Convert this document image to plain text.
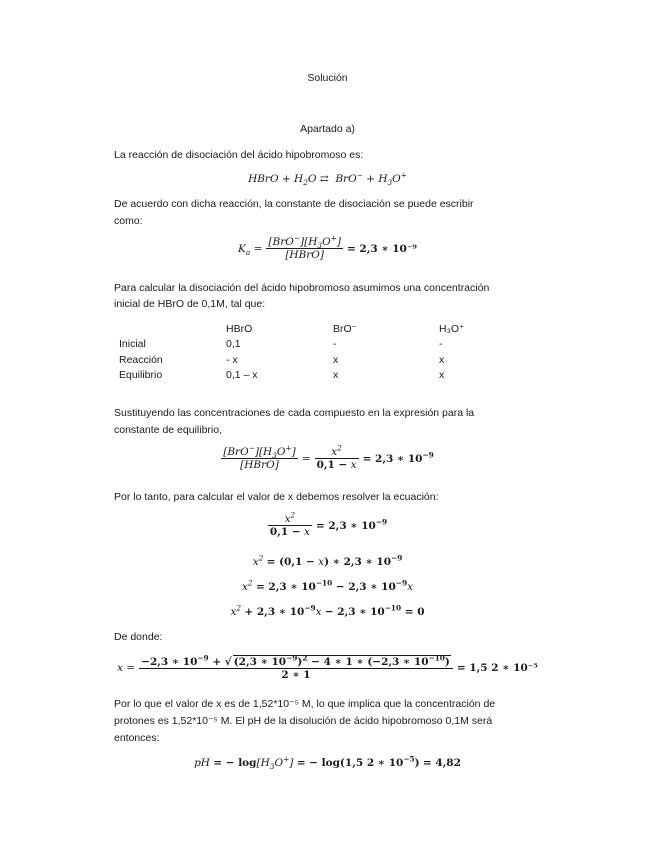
Solución
Apartado a)
La reacción de disociación del ácido hipobromoso es:
HBrO + $H_2O$ ⇄  $BrO^- + H_3O^+$
De acuerdo con dicha reacción, la constante de disociación se puede escribir
como:
$K_a = \frac{[BrO^-][H_3O^+]}{\text{[HBrO]}} = 2,3$ ∗ 10⁻⁹
Para calcular la disociación del ácido hipobromoso asumimos una concentración
inicial de HBrO de 0,1M, tal que:
	HBrO	BrO⁻	H₃O⁺
Inicial	0,1	-	-
Reacción	- x	x	x
Equilibrio	0,1 – x	x	x
Sustituyendo las concentraciones de cada compuesto en la expresión para la
constante de equilibrio,
$\frac{[BrO^-][H_3O^+]}{\text{[HBrO]}} = \frac{x^2}{0,1 - x} = 2,3$ ∗ $10^{-9}$
Por lo tanto, para calcular el valor de x debemos resolver la ecuación:
$\frac{x^2}{0,1 - x} = 2,3$ ∗ $10^{-9}$
$x^2 = (0,1 - x)$ ∗ 2,3 ∗ $10^{-9}$
$x^2 = 2,3$ ∗ $10^{-10} - 2,3$ ∗ $10^{-9}x$
$x^2 + 2,3$ ∗ $10^{-9}x - 2,3$ ∗ $10^{-10} = 0$
De donde:
$x = \frac{-2,3 ∗ 10^{-9} + √ (2,3 ∗ 10^{-9})^2 - 4 ∗ 1 ∗ (-2,3 ∗ 10^{-10})}{2 ∗ 1} = 1,5$ 2 ∗ 10⁻⁵
Por lo que el valor de x es de 1,52*10⁻⁵ M, lo que implica que la concentración de
protones es 1,52*10⁻⁵ M. El pH de la disolución de ácido hipobromoso 0,1M será
entonces:
pH = − $\log[H_3O^+]$ = − log(1,5 2 ∗ $10^{-5}) = 4,82$
